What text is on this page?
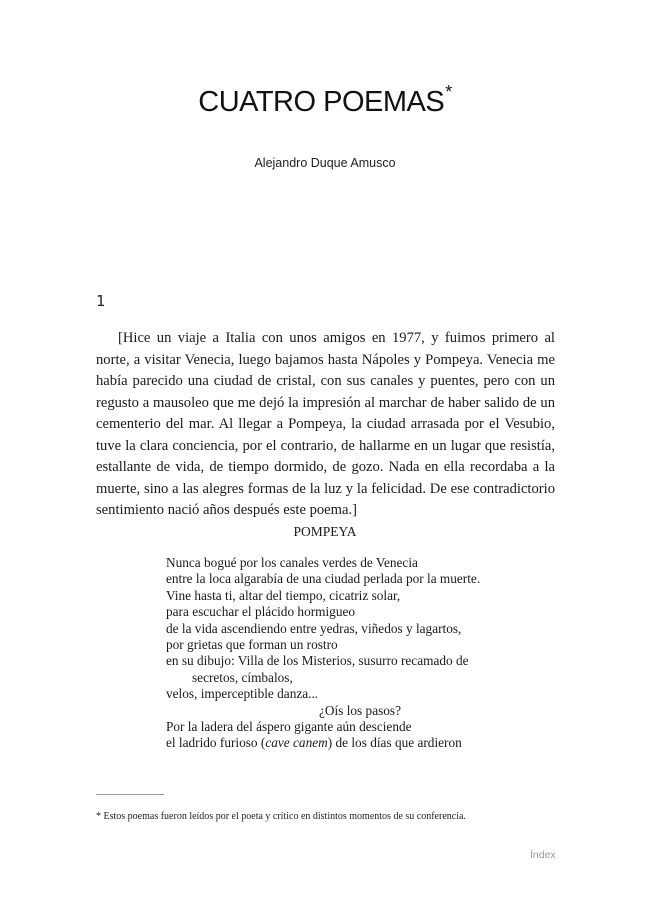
CUATRO POEMAS*
Alejandro Duque Amusco
1

[Hice un viaje a Italia con unos amigos en 1977, y fuimos primero al norte, a visitar Venecia, luego bajamos hasta Nápoles y Pompeya. Venecia me había parecido una ciudad de cristal, con sus canales y puentes, pero con un regusto a mausoleo que me dejó la impresión al marchar de haber salido de un cementerio del mar. Al llegar a Pompeya, la ciudad arrasada por el Vesubio, tuve la clara conciencia, por el contrario, de hallarme en un lugar que resistía, estallante de vida, de tiempo dormido, de gozo. Nada en ella recordaba a la muerte, sino a las alegres formas de la luz y la felicidad. De ese contradictorio sentimiento nació años después este poema.]

POMPEYA
Nunca bogué por los canales verdes de Venecia
entre la loca algarabía de una ciudad perlada por la muerte.
Vine hasta ti, altar del tiempo, cicatriz solar,
para escuchar el plácido hormigueo
de la vida ascendiendo entre yedras, viñedos y lagartos,
por grietas que forman un rostro
en su dibujo: Villa de los Misterios, susurro recamado de
secretos, címbalos,
velos, imperceptible danza...
¿Oís los pasos?
Por la ladera del áspero gigante aún desciende
el ladrido furioso (cave canem) de los días que ardieron
* Estos poemas fueron leídos por el poeta y crítico en distintos momentos de su conferencia.
Índex
